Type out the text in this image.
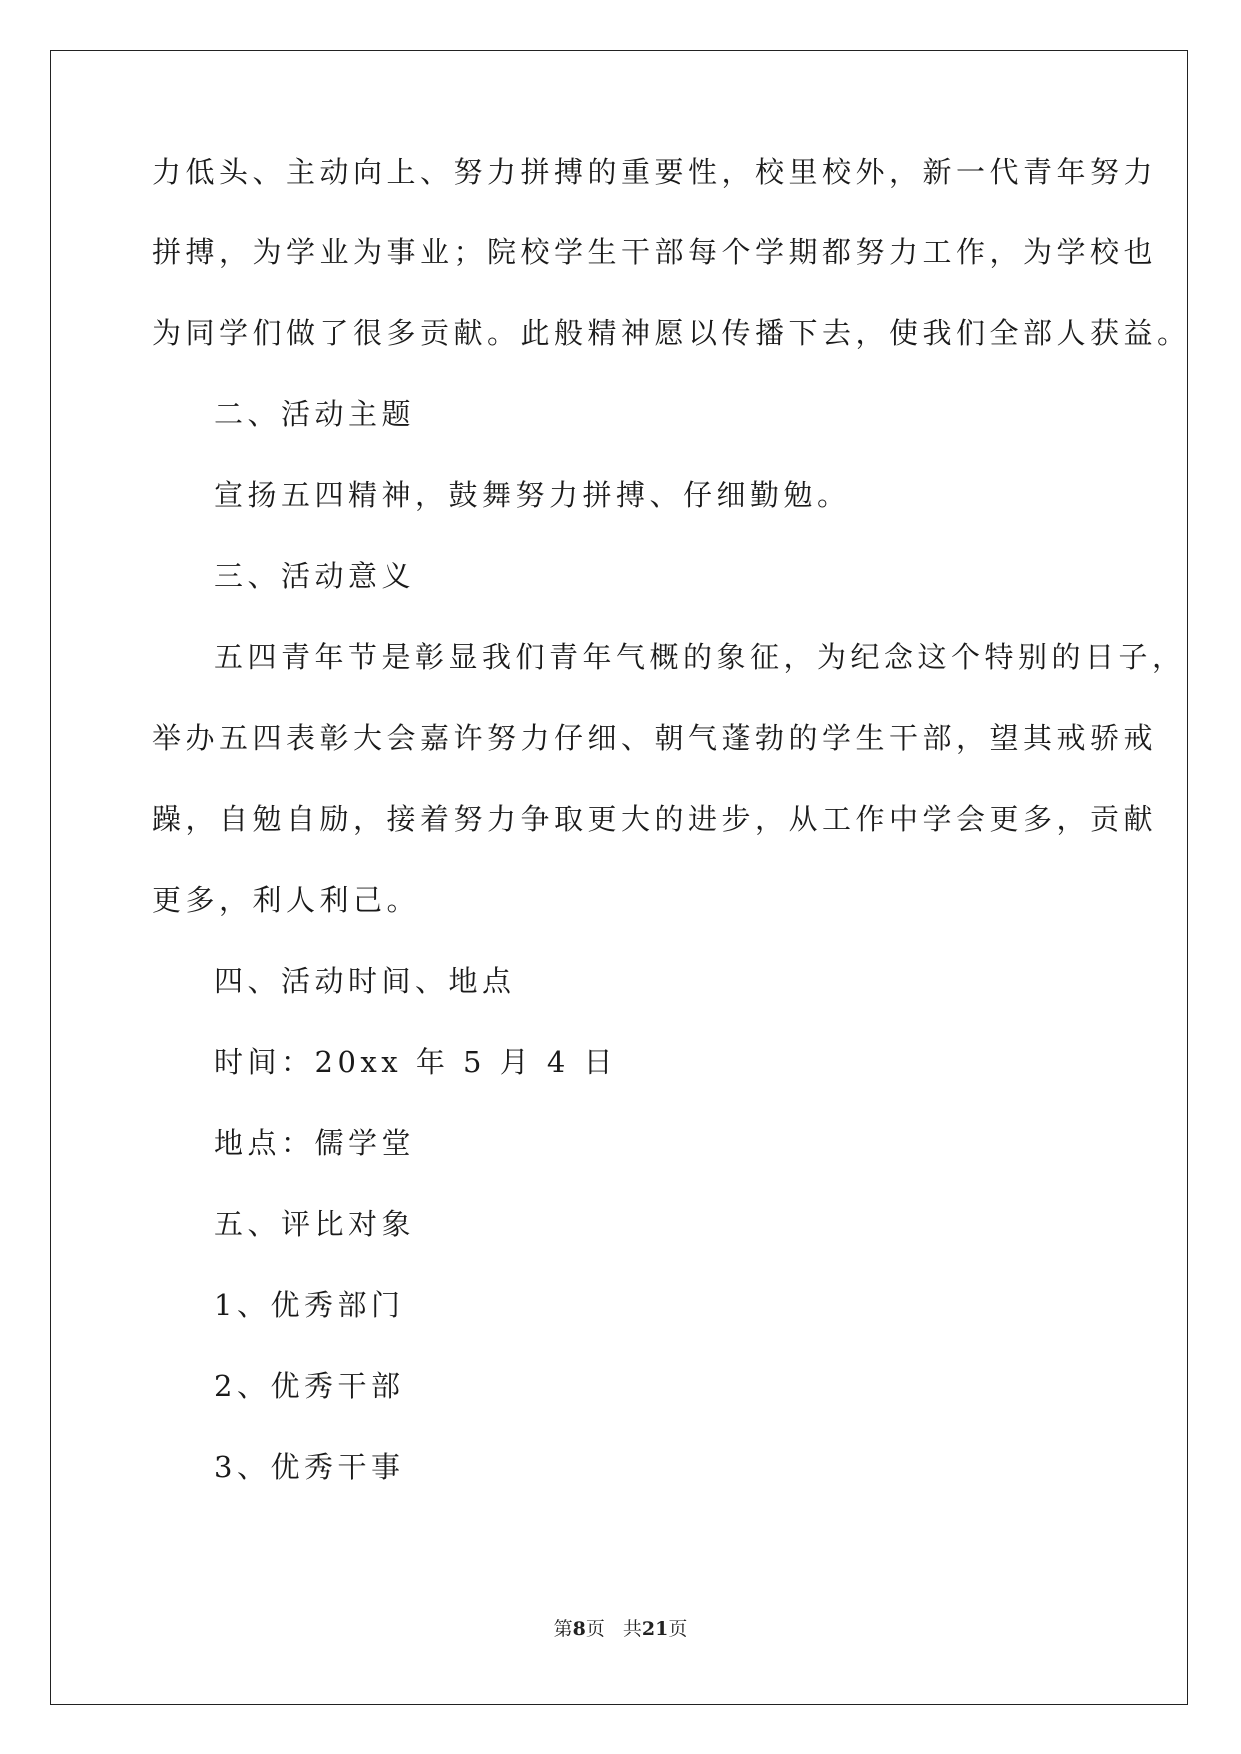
力低头、主动向上、努力拼搏的重要性，校里校外，新一代青年努力
拼搏，为学业为事业；院校学生干部每个学期都努力工作，为学校也
为同学们做了很多贡献。此般精神愿以传播下去，使我们全部人获益。
二、活动主题
宣扬五四精神，鼓舞努力拼搏、仔细勤勉。
三、活动意义
五四青年节是彰显我们青年气概的象征，为纪念这个特别的日子，
举办五四表彰大会嘉许努力仔细、朝气蓬勃的学生干部，望其戒骄戒
躁，自勉自励，接着努力争取更大的进步，从工作中学会更多，贡献
更多，利人利己。
四、活动时间、地点
时间：20xx 年 5 月 4 日
地点：儒学堂
五、评比对象
1、优秀部门
2、优秀干部
3、优秀干事
第8页 共21页
